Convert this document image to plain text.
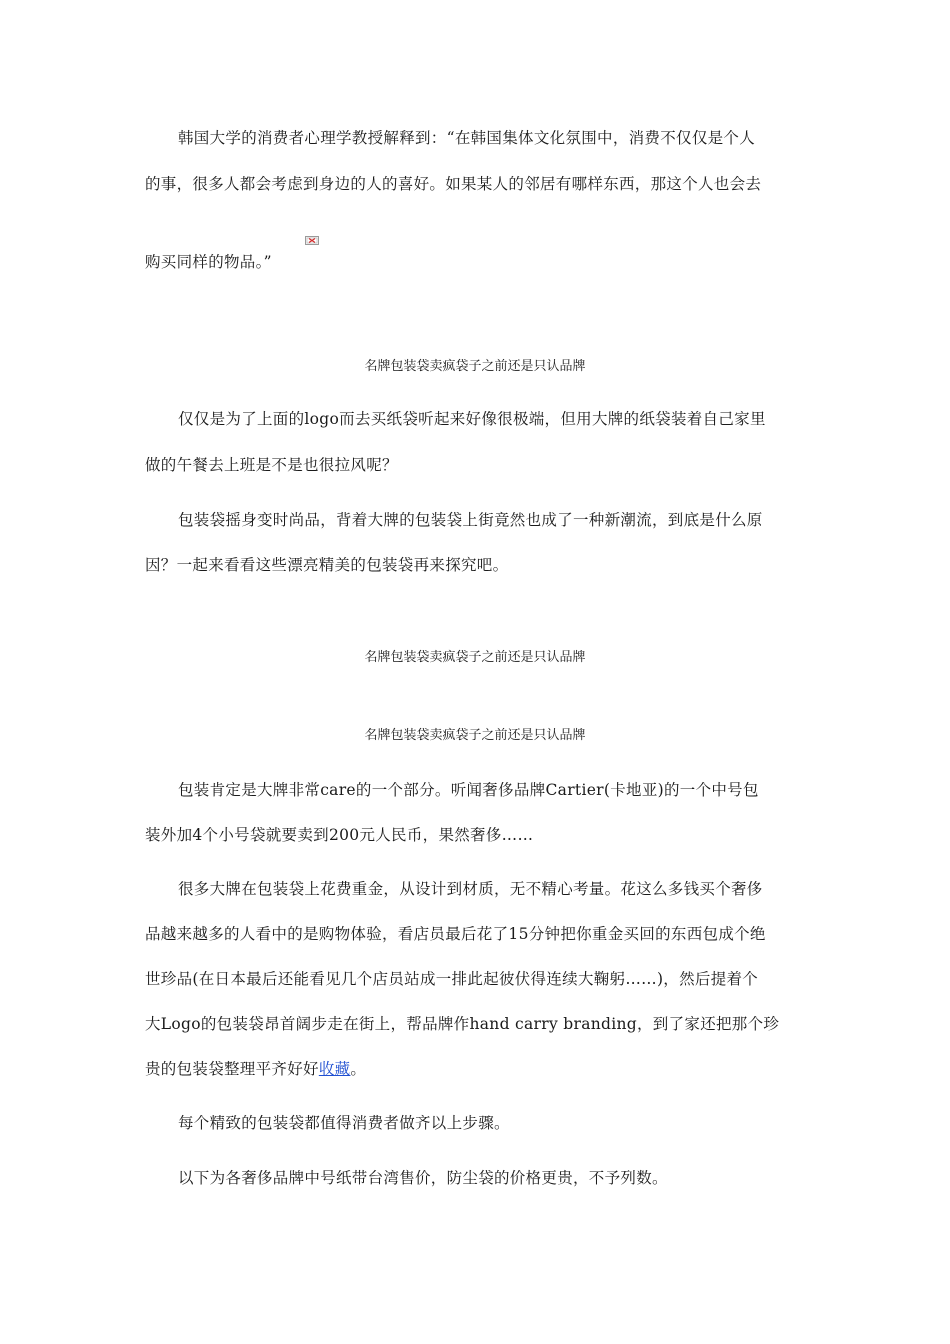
韩国大学的消费者心理学教授解释到：“在韩国集体文化氛围中，消费不仅仅是个人
的事，很多人都会考虑到身边的人的喜好。如果某人的邻居有哪样东西，那这个人也会去
购买同样的物品。”
名牌包装袋卖疯袋子之前还是只认品牌
仅仅是为了上面的logo而去买纸袋听起来好像很极端，但用大牌的纸袋装着自己家里
做的午餐去上班是不是也很拉风呢？
包装袋摇身变时尚品，背着大牌的包装袋上街竟然也成了一种新潮流，到底是什么原
因？一起来看看这些漂亮精美的包装袋再来探究吧。
名牌包装袋卖疯袋子之前还是只认品牌
名牌包装袋卖疯袋子之前还是只认品牌
包装肯定是大牌非常care的一个部分。听闻奢侈品牌Cartier(卡地亚)的一个中号包
装外加4个小号袋就要卖到200元人民币，果然奢侈……
很多大牌在包装袋上花费重金，从设计到材质，无不精心考量。花这么多钱买个奢侈
品越来越多的人看中的是购物体验，看店员最后花了15分钟把你重金买回的东西包成个绝
世珍品(在日本最后还能看见几个店员站成一排此起彼伏得连续大鞠躬……)，然后提着个
大Logo的包装袋昂首阔步走在街上，帮品牌作hand carry branding，到了家还把那个珍
贵的包装袋整理平齐好好收藏。
每个精致的包装袋都值得消费者做齐以上步骤。
以下为各奢侈品牌中号纸带台湾售价，防尘袋的价格更贵，不予列数。
